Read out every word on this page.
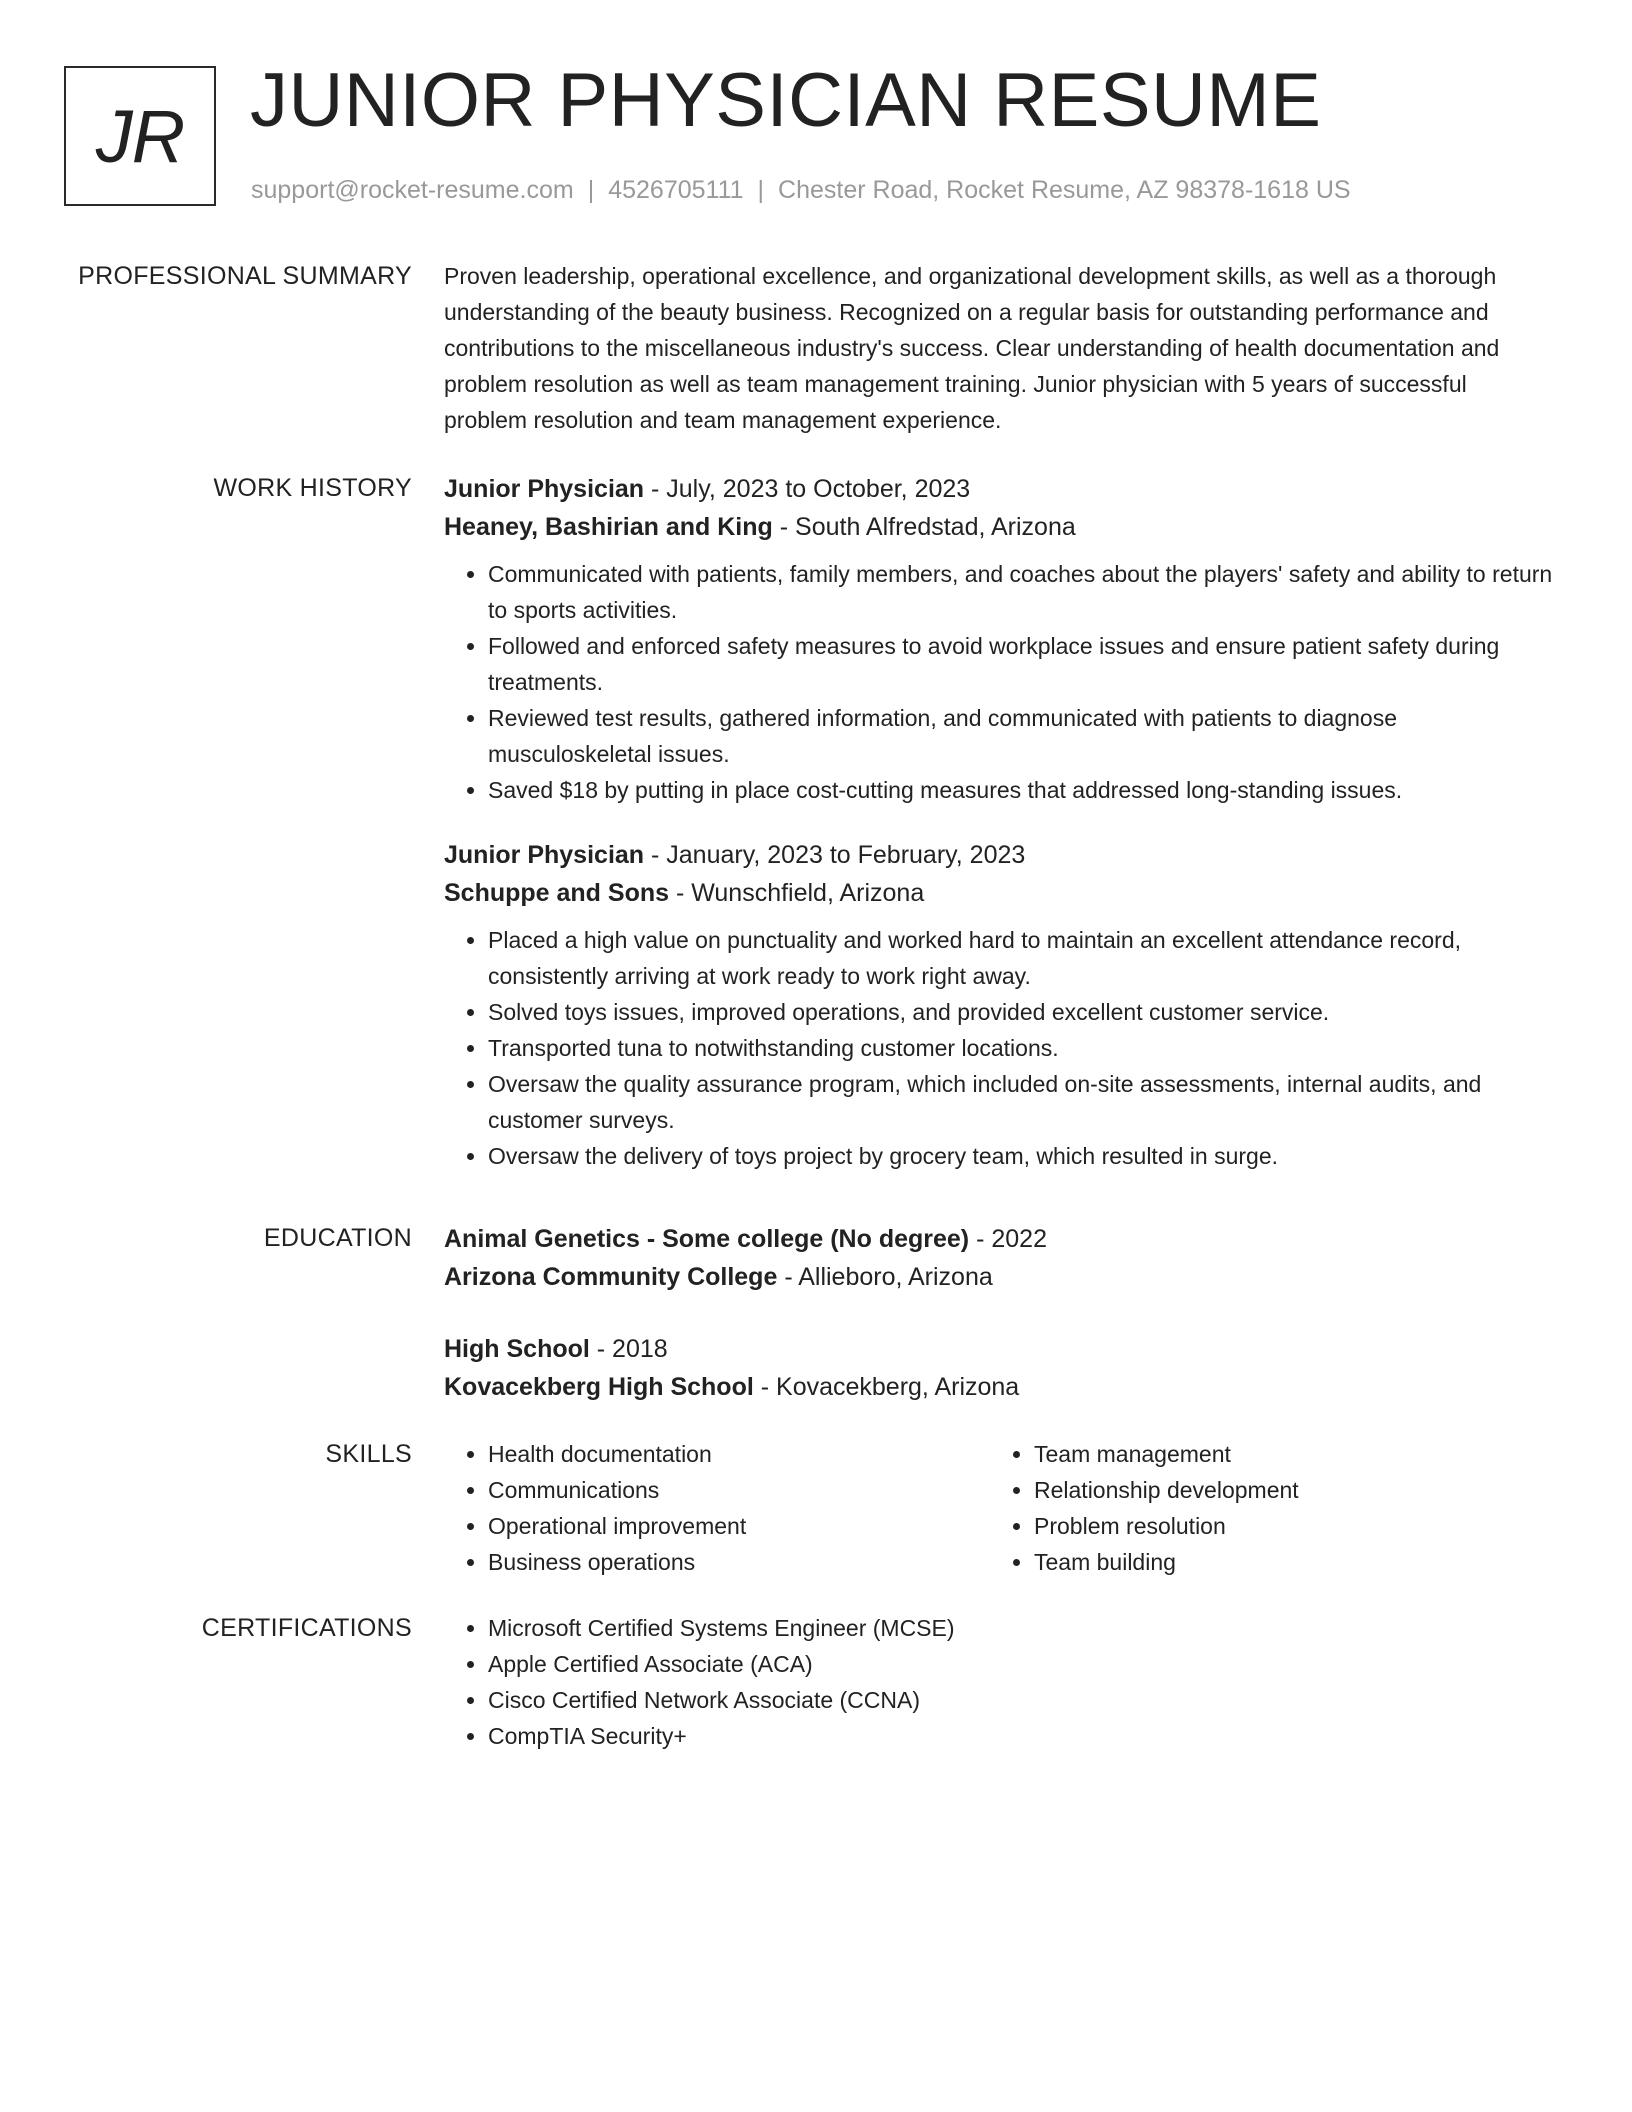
JR JUNIOR PHYSICIAN RESUME
support@rocket-resume.com | 4526705111 | Chester Road, Rocket Resume, AZ 98378-1618 US
PROFESSIONAL SUMMARY Proven leadership, operational excellence, and organizational development skills, as well as a thorough understanding of the beauty business. Recognized on a regular basis for outstanding performance and contributions to the miscellaneous industry's success. Clear understanding of health documentation and problem resolution as well as team management training. Junior physician with 5 years of successful problem resolution and team management experience.
WORK HISTORY Junior Physician - July, 2023 to October, 2023
Heaney, Bashirian and King - South Alfredstad, Arizona
• Communicated with patients, family members, and coaches about the players' safety and ability to return to sports activities.
• Followed and enforced safety measures to avoid workplace issues and ensure patient safety during treatments.
• Reviewed test results, gathered information, and communicated with patients to diagnose musculoskeletal issues.
• Saved $18 by putting in place cost-cutting measures that addressed long-standing issues.
Junior Physician - January, 2023 to February, 2023
Schuppe and Sons - Wunschfield, Arizona
• Placed a high value on punctuality and worked hard to maintain an excellent attendance record, consistently arriving at work ready to work right away.
• Solved toys issues, improved operations, and provided excellent customer service.
• Transported tuna to notwithstanding customer locations.
• Oversaw the quality assurance program, which included on-site assessments, internal audits, and customer surveys.
• Oversaw the delivery of toys project by grocery team, which resulted in surge.
EDUCATION Animal Genetics - Some college (No degree) - 2022
Arizona Community College - Allieboro, Arizona
High School - 2018
Kovacekberg High School - Kovacekberg, Arizona
SKILLS	• Health documentation
• Communications
• Operational improvement
• Business operations
• Team management
• Relationship development
• Problem resolution
• Team building
CERTIFICATIONS	• Microsoft Certified Systems Engineer (MCSE)
• Apple Certified Associate (ACA)
• Cisco Certified Network Associate (CCNA)
• CompTIA Security+
